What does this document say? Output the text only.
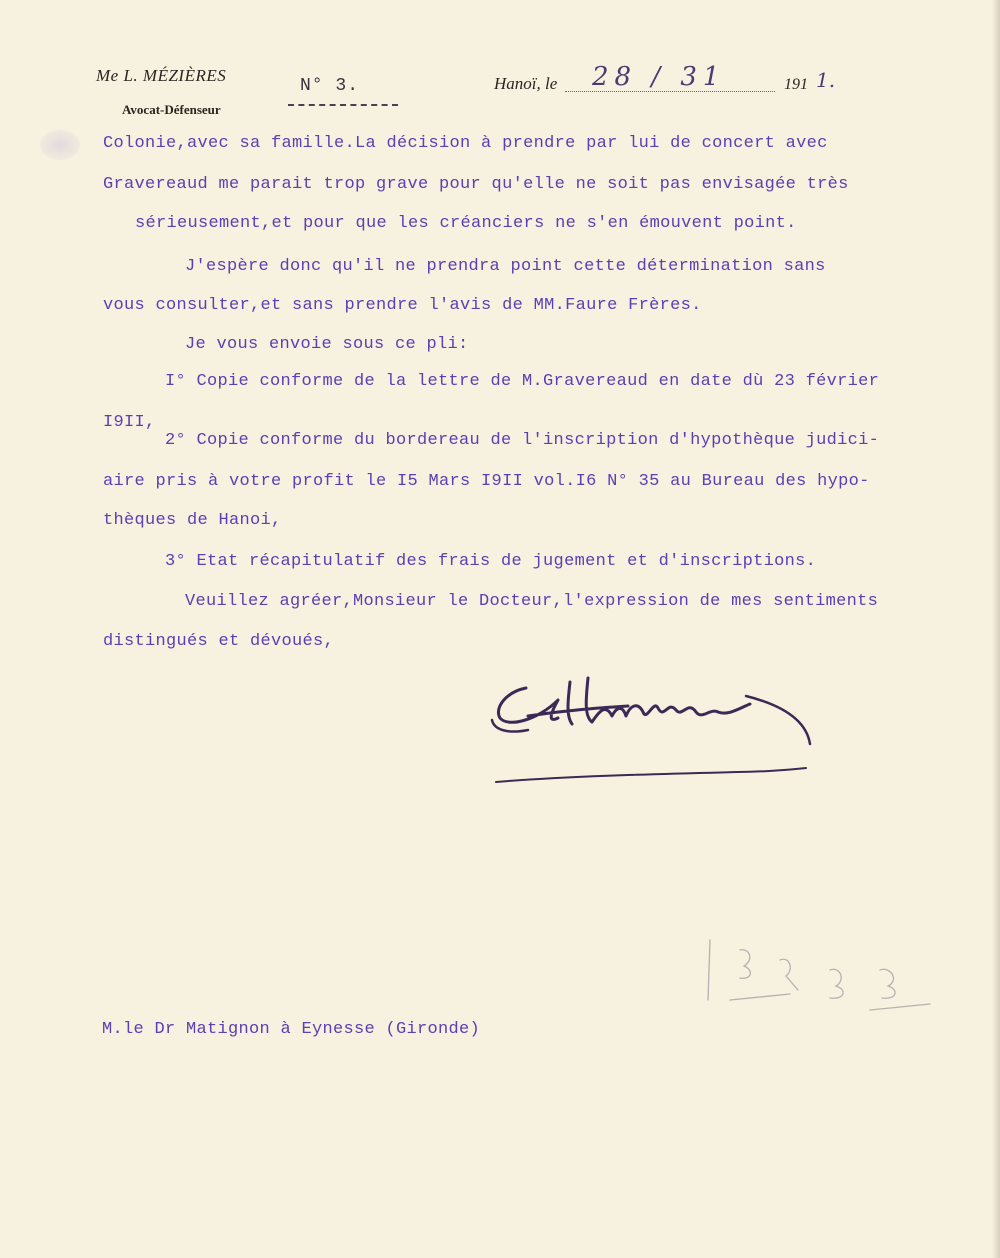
Me L. MÉZIÈRES
Avocat-Défenseur
N° 3.	Hanoï, le 28 / 31	191 1.
Colonie,avec sa famille.La décision à prendre par lui de concert avec
Gravereaud me parait trop grave pour qu'elle ne soit pas envisagée très
sérieusement,et pour que les créanciers ne s'en émouvent point.
J'espère donc qu'il ne prendra point cette détermination sans
vous consulter,et sans prendre l'avis de MM.Faure Frères.
Je vous envoie sous ce pli:
I° Copie conforme de la lettre de M.Gravereaud en date dù 23 février
I9II,
2° Copie conforme du bordereau de l'inscription d'hypothèque judici-
aire pris à votre profit le I5 Mars I9II vol.I6 N° 35 au Bureau des hypo-
thèques de Hanoi,
3° Etat récapitulatif des frais de jugement et d'inscriptions.
Veuillez agréer,Monsieur le Docteur,l'expression de mes sentiments
distingués et dévoués,
LMézières
M.le Dr Matignon à Eynesse (Gironde)
